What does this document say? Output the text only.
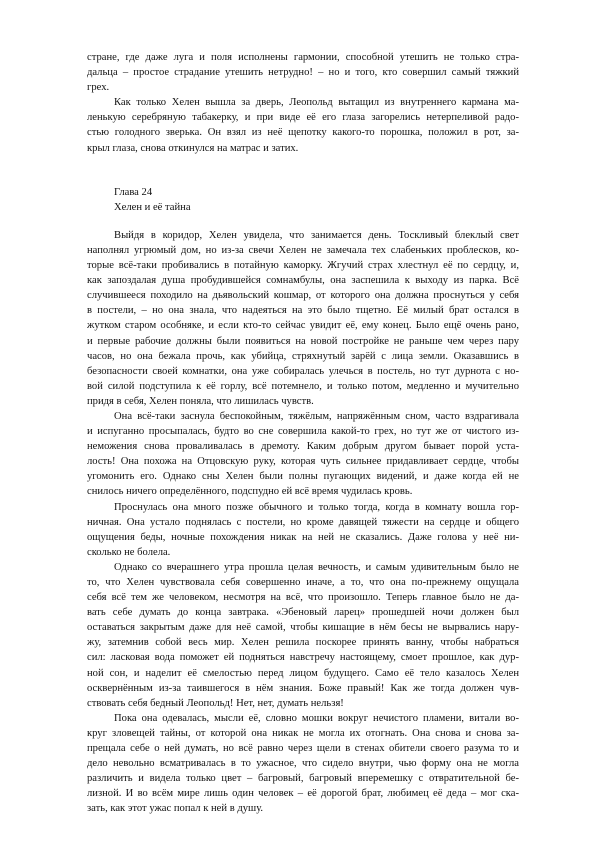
стране, где даже луга и поля исполнены гармонии, способной утешить не только стра-
дальца – простое страдание утешить нетрудно! – но и того, кто совершил самый тяжкий
грех.
Как только Хелен вышла за дверь, Леопольд вытащил из внутреннего кармана ма-
ленькую серебряную табакерку, и при виде её его глаза загорелись нетерпеливой радо-
стью голодного зверька. Он взял из неё щепотку какого-то порошка, положил в рот, за-
крыл глаза, снова откинулся на матрас и затих.
Глава 24
Хелен и её тайна
Выйдя в коридор, Хелен увидела, что занимается день. Тоскливый блеклый свет
наполнял угрюмый дом, но из-за свечи Хелен не замечала тех слабеньких проблесков, ко-
торые всё-таки пробивались в потайную каморку. Жгучий страх хлестнул её по сердцу, и,
как запоздалая душа пробудившейся сомнамбулы, она заспешила к выходу из парка. Всё
случившееся походило на дьявольский кошмар, от которого она должна проснуться у себя
в постели, – но она знала, что надеяться на это было тщетно. Её милый брат остался в
жутком старом особняке, и если кто-то сейчас увидит её, ему конец. Было ещё очень рано,
и первые рабочие должны были появиться на новой постройке не раньше чем через пару
часов, но она бежала прочь, как убийца, стряхнутый зарёй с лица земли. Оказавшись в
безопасности своей комнатки, она уже собиралась улечься в постель, но тут дурнота с но-
вой силой подступила к её горлу, всё потемнело, и только потом, медленно и мучительно
придя в себя, Хелен поняла, что лишилась чувств.
Она всё-таки заснула беспокойным, тяжёлым, напряжённым сном, часто вздрагивала
и испуганно просыпалась, будто во сне совершила какой-то грех, но тут же от чистого из-
неможения снова проваливалась в дремоту. Каким добрым другом бывает порой уста-
лость! Она похожа на Отцовскую руку, которая чуть сильнее придавливает сердце, чтобы
угомонить его. Однако сны Хелен были полны пугающих видений, и даже когда ей не
снилось ничего определённого, подспудно ей всё время чудилась кровь.
Проснулась она много позже обычного и только тогда, когда в комнату вошла гор-
ничная. Она устало поднялась с постели, но кроме давящей тяжести на сердце и общего
ощущения беды, ночные похождения никак на ней не сказались. Даже голова у неё ни-
сколько не болела.
Однако со вчерашнего утра прошла целая вечность, и самым удивительным было не
то, что Хелен чувствовала себя совершенно иначе, а то, что она по-прежнему ощущала
себя всё тем же человеком, несмотря на всё, что произошло. Теперь главное было не да-
вать себе думать до конца завтрака. «Эбеновый ларец» прошедшей ночи должен был
оставаться закрытым даже для неё самой, чтобы кишащие в нём бесы не вырвались нару-
жу, затемнив собой весь мир. Хелен решила поскорее принять ванну, чтобы набраться
сил: ласковая вода поможет ей подняться навстречу настоящему, смоет прошлое, как дур-
ной сон, и наделит её смелостью перед лицом будущего. Само её тело казалось Хелен
осквернённым из-за таившегося в нём знания. Боже правый! Как же тогда должен чув-
ствовать себя бедный Леопольд! Нет, нет, думать нельзя!
Пока она одевалась, мысли её, словно мошки вокруг нечистого пламени, витали во-
круг зловещей тайны, от которой она никак не могла их отогнать. Она снова и снова за-
прещала себе о ней думать, но всё равно через щели в стенах обители своего разума то и
дело невольно всматривалась в то ужасное, что сидело внутри, чью форму она не могла
различить и видела только цвет – багровый, багровый вперемешку с отвратительной бе-
лизной. И во всём мире лишь один человек – её дорогой брат, любимец её деда – мог ска-
зать, как этот ужас попал к ней в душу.
